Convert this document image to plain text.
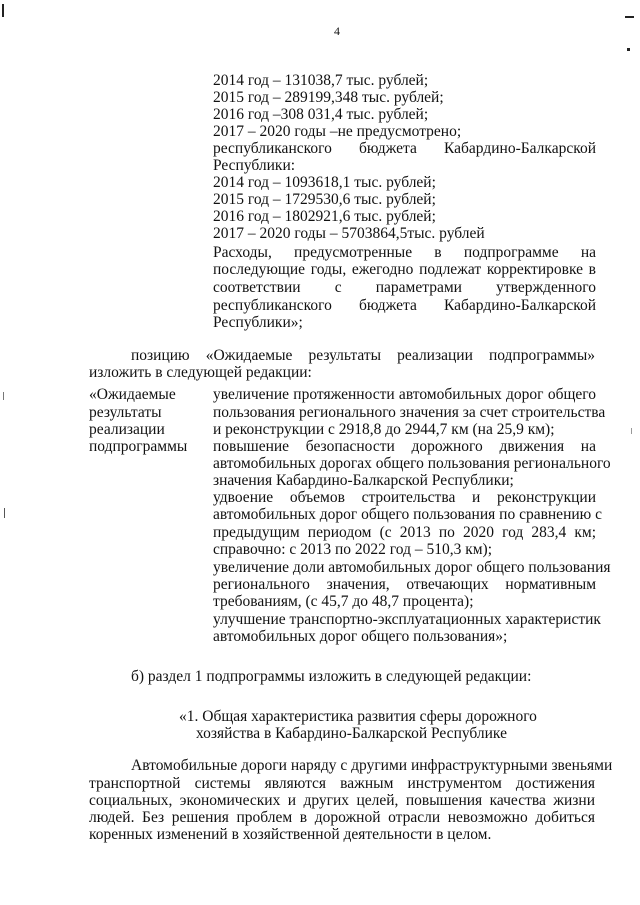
4
2014 год – 131038,7 тыс. рублей;
2015 год – 289199,348 тыс. рублей;
2016 год –308 031,4 тыс. рублей;
2017 – 2020 годы –не предусмотрено;
республиканского бюджета Кабардино-Балкарской
Республики:
2014 год – 1093618,1 тыс. рублей;
2015 год – 1729530,6 тыс. рублей;
2016 год – 1802921,6 тыс. рублей;
2017 – 2020 годы – 5703864,5тыс. рублей
Расходы, предусмотренные в подпрограмме на
последующие годы, ежегодно подлежат корректировке в
соответствии с параметрами утвержденного
республиканского бюджета Кабардино-Балкарской
Республики»;
позицию «Ожидаемые результаты реализации подпрограммы»
изложить в следующей редакции:
«Ожидаемые
результаты
реализации
подпрограммы
увеличение протяженности автомобильных дорог общего
пользования регионального значения за счет строительства
и реконструкции с 2918,8 до 2944,7 км (на 25,9 км);
повышение безопасности дорожного движения на
автомобильных дорогах общего пользования регионального
значения Кабардино-Балкарской Республики;
удвоение объемов строительства и реконструкции
автомобильных дорог общего пользования по сравнению с
предыдущим периодом (с 2013 по 2020 год 283,4 км;
справочно: с 2013 по 2022 год – 510,3 км);
увеличение доли автомобильных дорог общего пользования
регионального значения, отвечающих нормативным
требованиям, (с 45,7 до 48,7 процента);
улучшение транспортно-эксплуатационных характеристик
автомобильных дорог общего пользования»;
б) раздел 1 подпрограммы изложить в следующей редакции:
«1. Общая характеристика развития сферы дорожного
хозяйства в Кабардино-Балкарской Республике
Автомобильные дороги наряду с другими инфраструктурными звеньями
транспортной системы являются важным инструментом достижения
социальных, экономических и других целей, повышения качества жизни
людей. Без решения проблем в дорожной отрасли невозможно добиться
коренных изменений в хозяйственной деятельности в целом.
